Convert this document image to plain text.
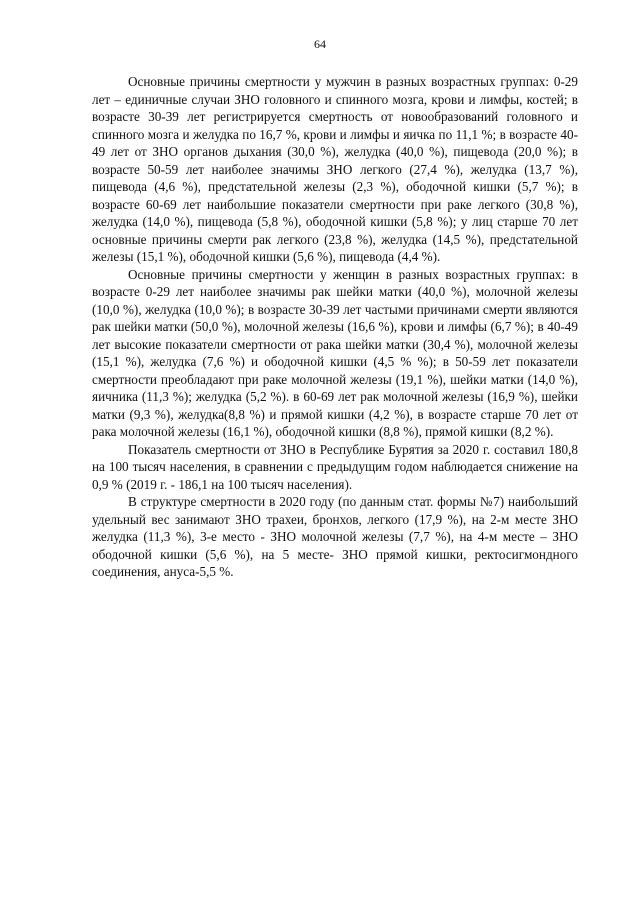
64

Основные причины смертности у мужчин в разных возрастных группах: 0-29 лет – единичные случаи ЗНО головного и спинного мозга, крови и лимфы, костей; в возрасте 30-39 лет регистрируется смертность от новообразований головного и спинного мозга и желудка по 16,7 %, крови и лимфы и яичка по 11,1 %; в возрасте 40-49 лет от ЗНО органов дыхания (30,0 %), желудка (40,0 %), пищевода (20,0 %); в возрасте 50-59 лет наиболее значимы ЗНО легкого (27,4 %), желудка (13,7 %), пищевода (4,6 %), предстательной железы (2,3 %), ободочной кишки (5,7 %); в возрасте 60-69 лет наибольшие показатели смертности при раке легкого (30,8 %), желудка (14,0 %), пищевода (5,8 %), ободочной кишки (5,8 %); у лиц старше 70 лет основные причины смерти рак легкого (23,8 %), желудка (14,5 %), предстательной железы (15,1 %), ободочной кишки (5,6 %), пищевода (4,4 %).

Основные причины смертности у женщин в разных возрастных группах: в возрасте 0-29 лет наиболее значимы рак шейки матки (40,0 %), молочной железы (10,0 %), желудка (10,0 %); в возрасте 30-39 лет частыми причинами смерти являются рак шейки матки (50,0 %), молочной железы (16,6 %), крови и лимфы (6,7 %); в 40-49 лет высокие показатели смертности от рака шейки матки (30,4 %), молочной железы (15,1 %), желудка (7,6 %) и ободочной кишки (4,5 % %); в 50-59 лет показатели смертности преобладают при раке молочной железы (19,1 %), шейки матки (14,0 %), яичника (11,3 %); желудка (5,2 %). в 60-69 лет рак молочной железы (16,9 %), шейки матки (9,3 %), желудка(8,8 %) и прямой кишки (4,2 %), в возрасте старше 70 лет от рака молочной железы (16,1 %), ободочной кишки (8,8 %), прямой кишки (8,2 %).

Показатель смертности от ЗНО в Республике Бурятия за 2020 г. составил 180,8 на 100 тысяч населения, в сравнении с предыдущим годом наблюдается снижение на 0,9 % (2019 г. - 186,1 на 100 тысяч населения).

В структуре смертности в 2020 году (по данным стат. формы №7) наибольший удельный вес занимают ЗНО трахеи, бронхов, легкого (17,9 %), на 2-м месте ЗНО желудка (11,3 %), 3-е место - ЗНО молочной железы (7,7 %), на 4-м месте – ЗНО ободочной кишки (5,6 %), на 5 месте- ЗНО прямой кишки, ректосигмондного соединения, ануса-5,5 %.
